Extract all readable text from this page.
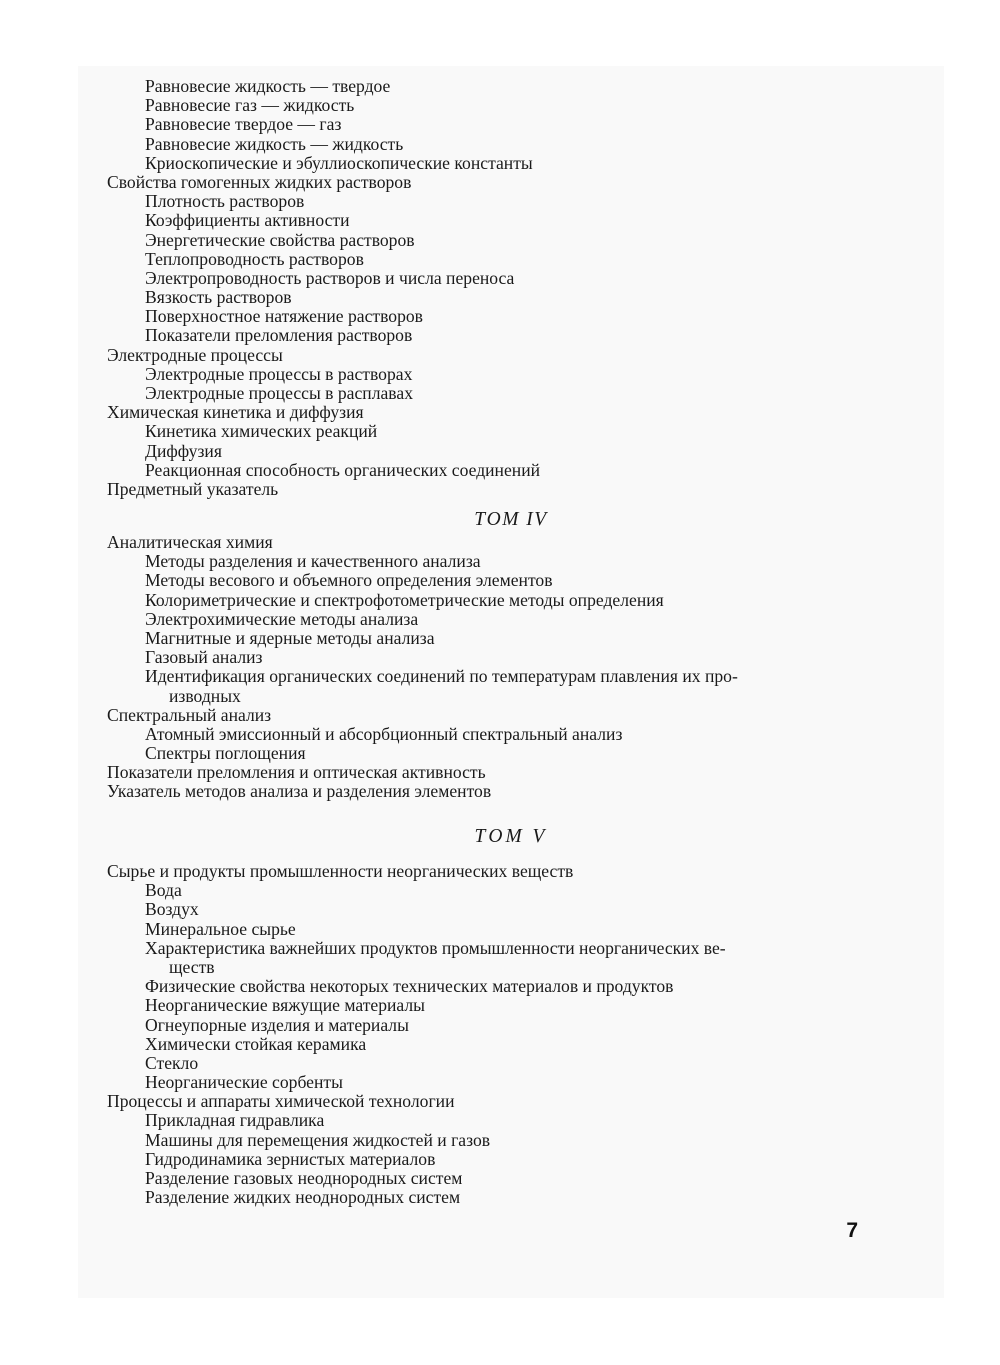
Равновесие жидкость — твердое
Равновесие газ — жидкость
Равновесие твердое — газ
Равновесие жидкость — жидкость
Криоскопические и эбуллиоскопические константы
Свойства гомогенных жидких растворов
Плотность растворов
Коэффициенты активности
Энергетические свойства растворов
Теплопроводность растворов
Электропроводность растворов и числа переноса
Вязкость растворов
Поверхностное натяжение растворов
Показатели преломления растворов
Электродные процессы
Электродные процессы в растворах
Электродные процессы в расплавах
Химическая кинетика и диффузия
Кинетика химических реакций
Диффузия
Реакционная способность органических соединений
Предметный указатель
ТОМ IV
Аналитическая химия
Методы разделения и качественного анализа
Методы весового и объемного определения элементов
Колориметрические и спектрофотометрические методы определения
Электрохимические методы анализа
Магнитные и ядерные методы анализа
Газовый анализ
Идентификация органических соединений по температурам плавления их про-
изводных
Спектральный анализ
Атомный эмиссионный и абсорбционный спектральный анализ
Спектры поглощения
Показатели преломления и оптическая активность
Указатель методов анализа и разделения элементов
ТОМ V
Сырье и продукты промышленности неорганических веществ
Вода
Воздух
Минеральное сырье
Характеристика важнейших продуктов промышленности неорганических ве-
ществ
Физические свойства некоторых технических материалов и продуктов
Неорганические вяжущие материалы
Огнеупорные изделия и материалы
Химически стойкая керамика
Стекло
Неорганические сорбенты
Процессы и аппараты химической технологии
Прикладная гидравлика
Машины для перемещения жидкостей и газов
Гидродинамика зернистых материалов
Разделение газовых неоднородных систем
Разделение жидких неоднородных систем
7
